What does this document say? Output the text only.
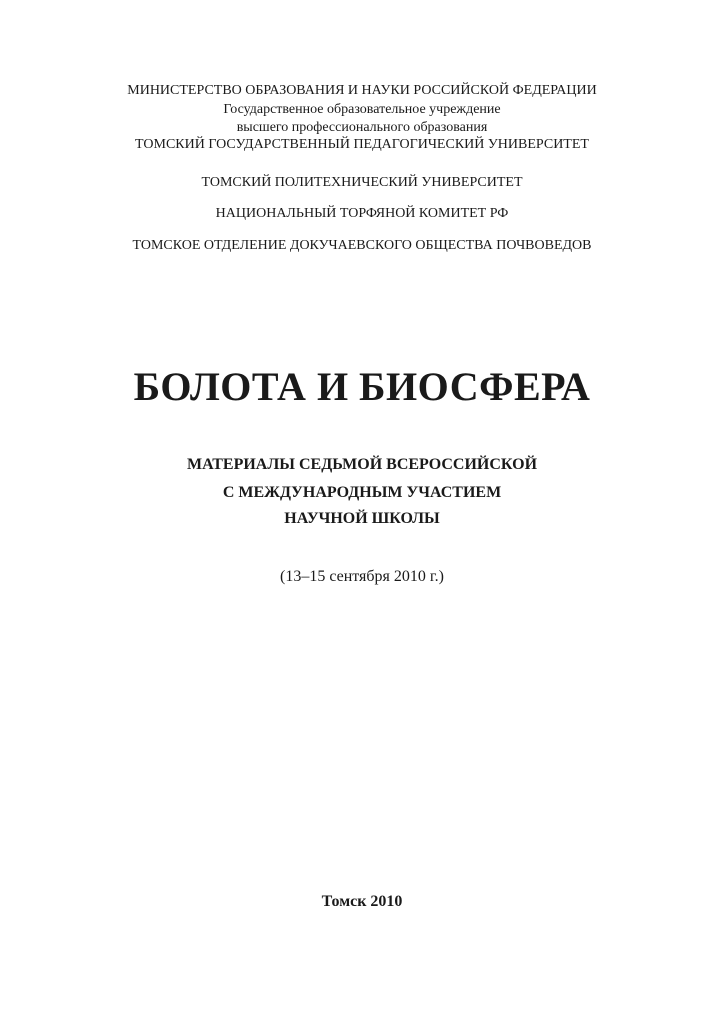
МИНИСТЕРСТВО ОБРАЗОВАНИЯ И НАУКИ РОССИЙСКОЙ ФЕДЕРАЦИИ
Государственное образовательное учреждение
высшего профессионального образования
ТОМСКИЙ ГОСУДАРСТВЕННЫЙ ПЕДАГОГИЧЕСКИЙ УНИВЕРСИТЕТ
ТОМСКИЙ ПОЛИТЕХНИЧЕСКИЙ УНИВЕРСИТЕТ
НАЦИОНАЛЬНЫЙ ТОРФЯНОЙ КОМИТЕТ РФ
ТОМСКОЕ ОТДЕЛЕНИЕ ДОКУЧАЕВСКОГО ОБЩЕСТВА ПОЧВОВЕДОВ
БОЛОТА И БИОСФЕРА
МАТЕРИАЛЫ СЕДЬМОЙ ВСЕРОССИЙСКОЙ
С МЕЖДУНАРОДНЫМ УЧАСТИЕМ
НАУЧНОЙ ШКОЛЫ
(13–15 сентября 2010 г.)
Томск 2010
